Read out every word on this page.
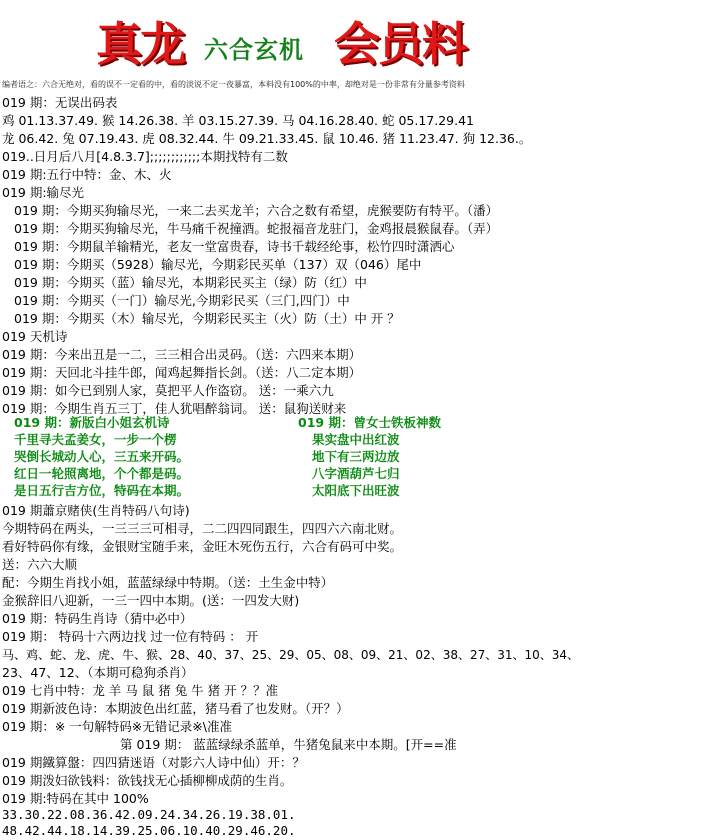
真龙 六合玄机 会员料
编者语之：六合无绝对，看的误不一定看的中，看的淡说不定一夜暴富，本料没有100%的中率，却绝对是一份非常有分量参考资料
019 期：无误出码表
鸡 01.13.37.49. 猴 14.26.38. 羊 03.15.27.39. 马 04.16.28.40. 蛇 05.17.29.41
龙 06.42. 兔 07.19.43. 虎 08.32.44. 牛 09.21.33.45. 鼠 10.46. 猪 11.23.47. 狗 12.36.。
019..日月后八月[4.8.3.7];;;;;;;;;;;;本期找特有二数
019 期:五行中特：金、木、火
019 期:输尽光
019 期：今期买狗输尽光，一来二去买龙羊；六合之数有希望，虎猴要防有特平。（潘）
019 期：今期买狗输尽光，牛马痛千祝撞酒。蛇报福音龙驻门，金鸡报晨猴鼠春。（弄）
019 期：今期鼠羊输精光，老友一堂富贵春，诗书千载经纶事，松竹四时潇洒心
019 期：今期买（5928）输尽光，今期彩民买单（137）双（046）尾中
019 期：今期买（蓝）输尽光，本期彩民买主（绿）防（红）中
019 期：今期买（一门）输尽光,今期彩民买（三门,四门）中
019 期：今期买（木）输尽光，今期彩民买主（火）防（土）中 开 ？
019 天机诗
019 期：今来出丑是一二，三三相合出灵码。（送：六四来本期）
019 期：天回北斗挂牛郎，闻鸡起舞指长剑。（送：八二定本期）
019 期：如今已到别人家，莫把平人作盗窃。 送：一乘六九
019 期：今期生肖五三丁，佳人犹唱醉翁词。 送：鼠狗送财来
019 期：新版白小姐玄机诗
千里寻夫孟姜女，一步一个楞
哭倒长城动人心，三五来开码。
红日一轮照离地，个个都是码。
是日五行吉方位，特码在本期。
019 期：曾女士铁板神数
果实盘中出红波
地下有三两边放
八字酒葫芦七归
太阳底下出旺波
019 期蕭京赌侠(生肖特码八句诗)
今期特码在两头，一三三三可相寻，二二四四同跟生，四四六六南北财。
看好特码你有缘，金银财宝随手来，金旺木死伤五行，六合有码可中奖。
送：六六大顺
配：今期生肖找小姐，蓝蓝绿绿中特期。（送：土生金中特）
金猴辞旧八迎新，一三一四中本期。(送：一四发大财)
019 期：特码生肖诗（猜中必中）
019 期： 特码十六两边找 过一位有特码 ： 开
马、鸡、蛇、龙、虎、牛、猴、28、40、37、25、29、05、08、09、21、02、38、27、31、10、34、
23、47、12、（本期可稳狗杀肖）
019 七肖中特：龙 羊 马 鼠 猪 兔 牛 猪 开 ？？准
019 期新波色诗：本期波色出红蓝，猪马看了也发财。（开？）
019 期：※ 一句解特码※无错记录※\准准
第 019 期： 蓝蓝绿绿杀蓝单，牛猪兔鼠来中本期。[开==准
019 期鐵算盤：四四猜迷语（对影六人诗中仙）开：？
019 期泼妇欲钱料：欲钱找无心插柳柳成荫的生肖。
019 期:特码在其中 100%
33.30.22.08.36.42.09.24.34.26.19.38.01.
48.42.44.18.14.39.25.06.10.40.29.46.20.
